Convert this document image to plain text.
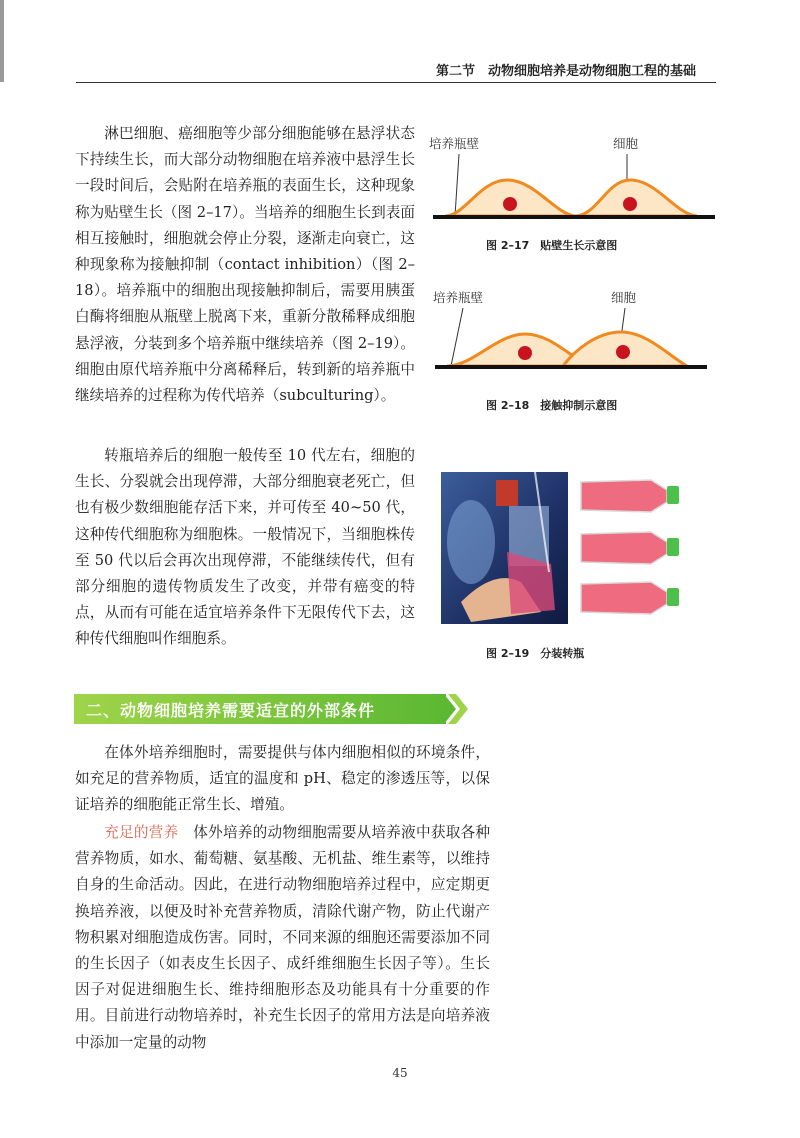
第二节　动物细胞培养是动物细胞工程的基础

淋巴细胞、癌细胞等少部分细胞能够在悬浮状态下持续生长，而大部分动物细胞在培养液中悬浮生长一段时间后，会贴附在培养瓶的表面生长，这种现象称为贴壁生长（图 2–17）。当培养的细胞生长到表面相互接触时，细胞就会停止分裂，逐渐走向衰亡，这种现象称为接触抑制（contact inhibition）（图 2–18）。培养瓶中的细胞出现接触抑制后，需要用胰蛋白酶将细胞从瓶壁上脱离下来，重新分散稀释成细胞悬浮液，分装到多个培养瓶中继续培养（图 2–19）。细胞由原代培养瓶中分离稀释后，转到新的培养瓶中继续培养的过程称为传代培养（subculturing）。

转瓶培养后的细胞一般传至 10 代左右，细胞的生长、分裂就会出现停滞，大部分细胞衰老死亡，但也有极少数细胞能存活下来，并可传至 40~50 代，这种传代细胞称为细胞株。一般情况下，当细胞株传至 50 代以后会再次出现停滞，不能继续传代，但有部分细胞的遗传物质发生了改变，并带有癌变的特点，从而有可能在适宜培养条件下无限传代下去，这种传代细胞叫作细胞系。

培养瓶壁	细胞
图 2–17　贴壁生长示意图
培养瓶壁	细胞
图 2–18　接触抑制示意图
图 2–19　分装转瓶
二、动物细胞培养需要适宜的外部条件

在体外培养细胞时，需要提供与体内细胞相似的环境条件，如充足的营养物质，适宜的温度和 pH、稳定的渗透压等，以保证培养的细胞能正常生长、增殖。

充足的营养　体外培养的动物细胞需要从培养液中获取各种营养物质，如水、葡萄糖、氨基酸、无机盐、维生素等，以维持自身的生命活动。因此，在进行动物细胞培养过程中，应定期更换培养液，以便及时补充营养物质，清除代谢产物，防止代谢产物积累对细胞造成伤害。同时，不同来源的细胞还需要添加不同的生长因子（如表皮生长因子、成纤维细胞生长因子等）。生长因子对促进细胞生长、维持细胞形态及功能具有十分重要的作用。目前进行动物培养时，补充生长因子的常用方法是向培养液中添加一定量的动物

45
